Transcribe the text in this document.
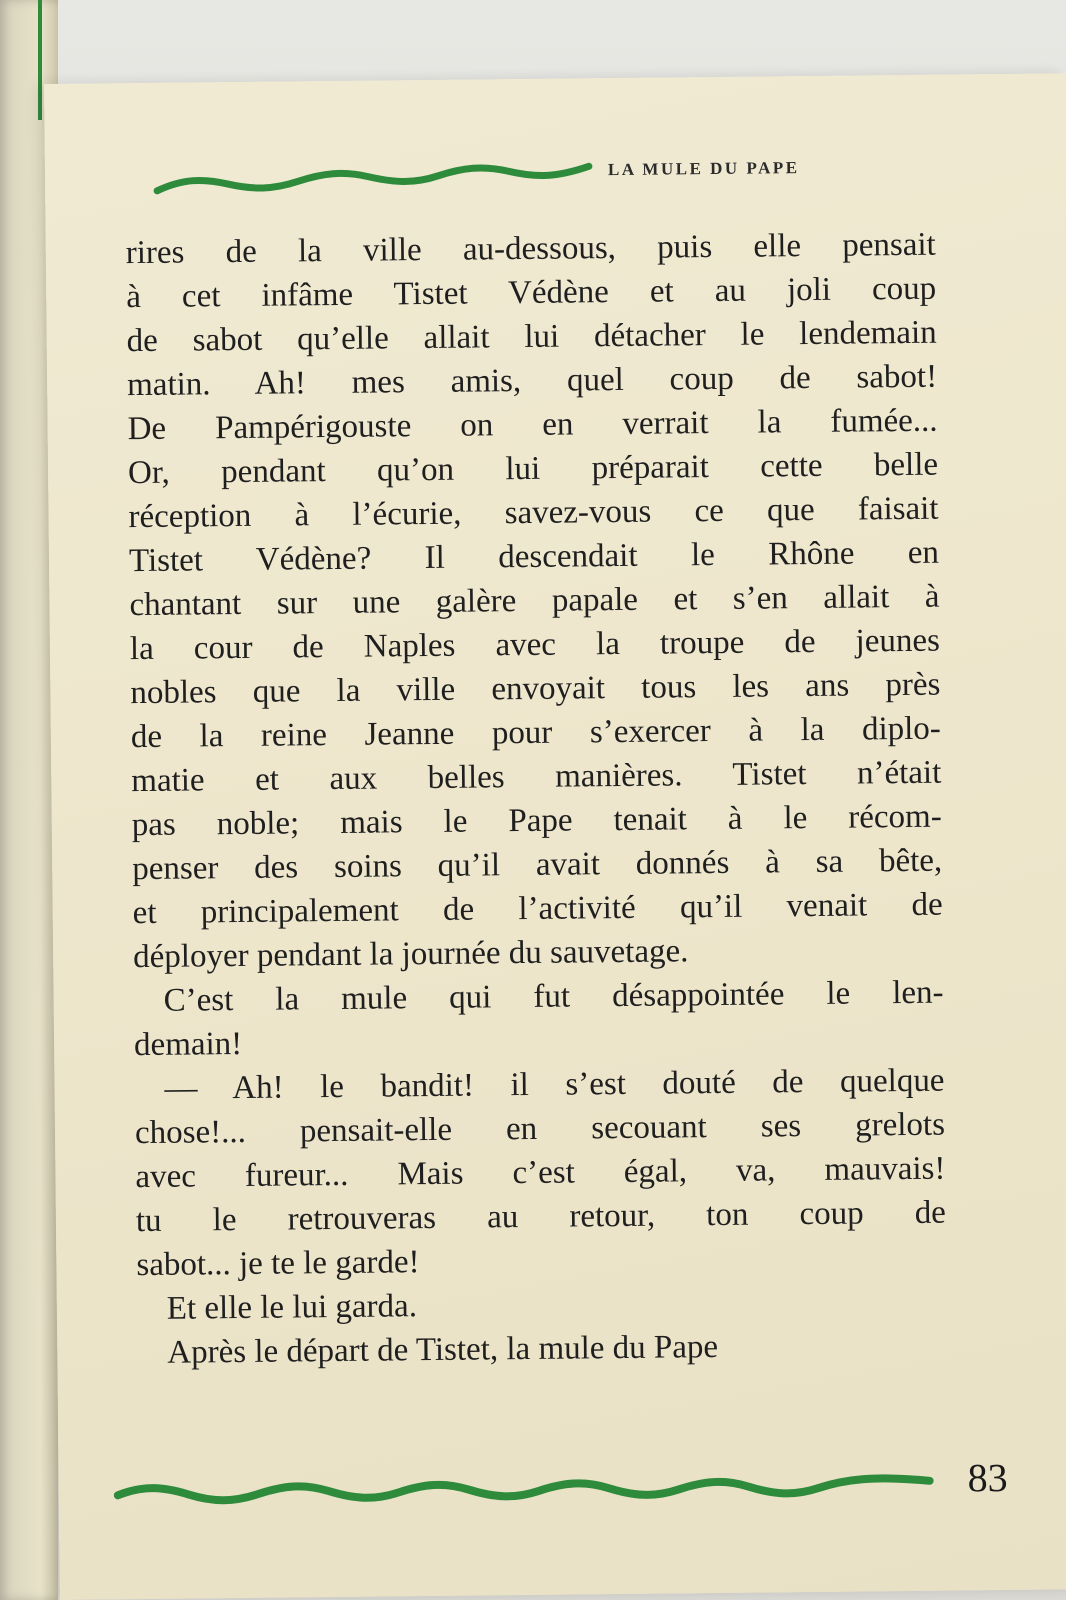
LA MULE DU PAPE
rires de la ville au-dessous, puis elle pensait
à cet infâme Tistet Védène et au joli coup
de sabot qu’elle allait lui détacher le lendemain
matin. Ah! mes amis, quel coup de sabot!
De Pampérigouste on en verrait la fumée...
Or, pendant qu’on lui préparait cette belle
réception à l’écurie, savez-vous ce que faisait
Tistet Védène? Il descendait le Rhône en
chantant sur une galère papale et s’en allait à
la cour de Naples avec la troupe de jeunes
nobles que la ville envoyait tous les ans près
de la reine Jeanne pour s’exercer à la diplo-
matie et aux belles manières. Tistet n’était
pas noble; mais le Pape tenait à le récom-
penser des soins qu’il avait donnés à sa bête,
et principalement de l’activité qu’il venait de
déployer pendant la journée du sauvetage.
C’est la mule qui fut désappointée le len-
demain!
— Ah! le bandit! il s’est douté de quelque
chose!... pensait-elle en secouant ses grelots
avec fureur... Mais c’est égal, va, mauvais!
tu le retrouveras au retour, ton coup de
sabot... je te le garde!
Et elle le lui garda.
Après le départ de Tistet, la mule du Pape
83
